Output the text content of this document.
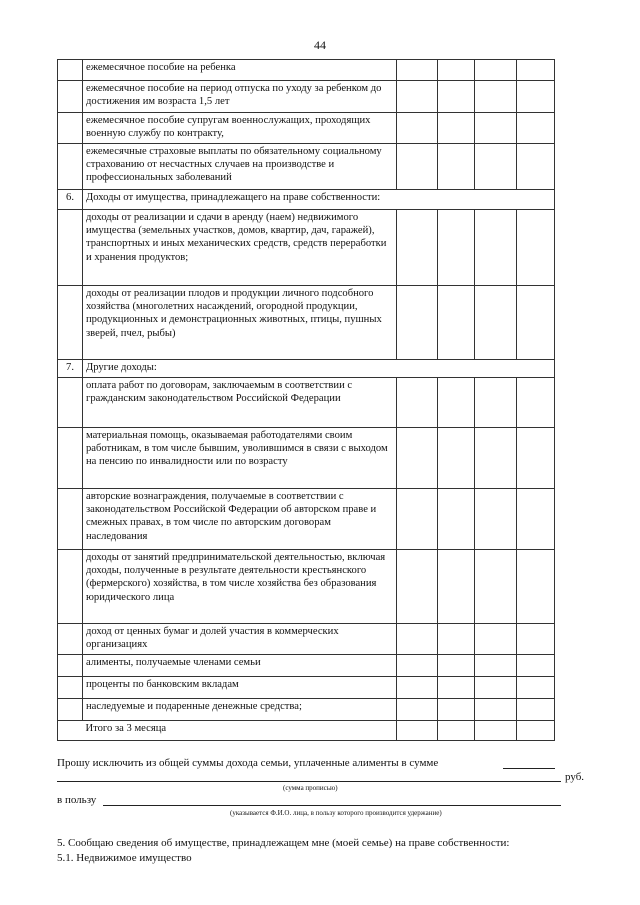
44
	ежемесячное пособие на ребенка				
	ежемесячное пособие на период отпуска по уходу за ребенком до достижения им возраста 1,5 лет				
	ежемесячное пособие супругам военнослужащих, проходящих военную службу по контракту,				
	ежемесячные страховые выплаты по обязательному социальному страхованию от несчастных случаев на производстве и профессиональных заболеваний				
6.	Доходы от имущества, принадлежащего на праве собственности:				
	доходы от реализации и сдачи в аренду (наем) недвижимого имущества (земельных участков, домов, квартир, дач, гаражей), транспортных и иных механических средств, средств переработки и хранения продуктов;				
	доходы от реализации плодов и продукции личного подсобного хозяйства (многолетних насаждений, огородной продукции, продукционных и демонстрационных животных, птицы, пушных зверей, пчел, рыбы)				
7.	Другие доходы:				
	оплата работ по договорам, заключаемым в соответствии с гражданским законодательством Российской Федерации				
	материальная помощь, оказываемая работодателями своим работникам, в том числе бывшим, уволившимся в связи с выходом на пенсию по инвалидности или по возрасту				
	авторские вознаграждения, получаемые в соответствии с законодательством Российской Федерации об авторском праве и смежных правах, в том числе по авторским договорам наследования				
	доходы от занятий предпринимательской деятельностью, включая доходы, полученные в результате деятельности крестьянского (фермерского) хозяйства, в том числе хозяйства без образования юридического лица				
	доход от ценных бумаг и долей участия в коммерческих организациях				
	алименты, получаемые членами семьи				
	проценты по банковским вкладам				
	наследуемые и подаренные денежные средства;				
	Итого за 3 месяца				
Прошу исключить из общей суммы дохода семьи, уплаченные алименты в сумме
руб.
(сумма прописью)
в пользу
(указывается Ф.И.О. лица, в пользу которого производится удержание)
5. Сообщаю сведения об имуществе, принадлежащем мне (моей семье) на праве собственности:
5.1. Недвижимое имущество
